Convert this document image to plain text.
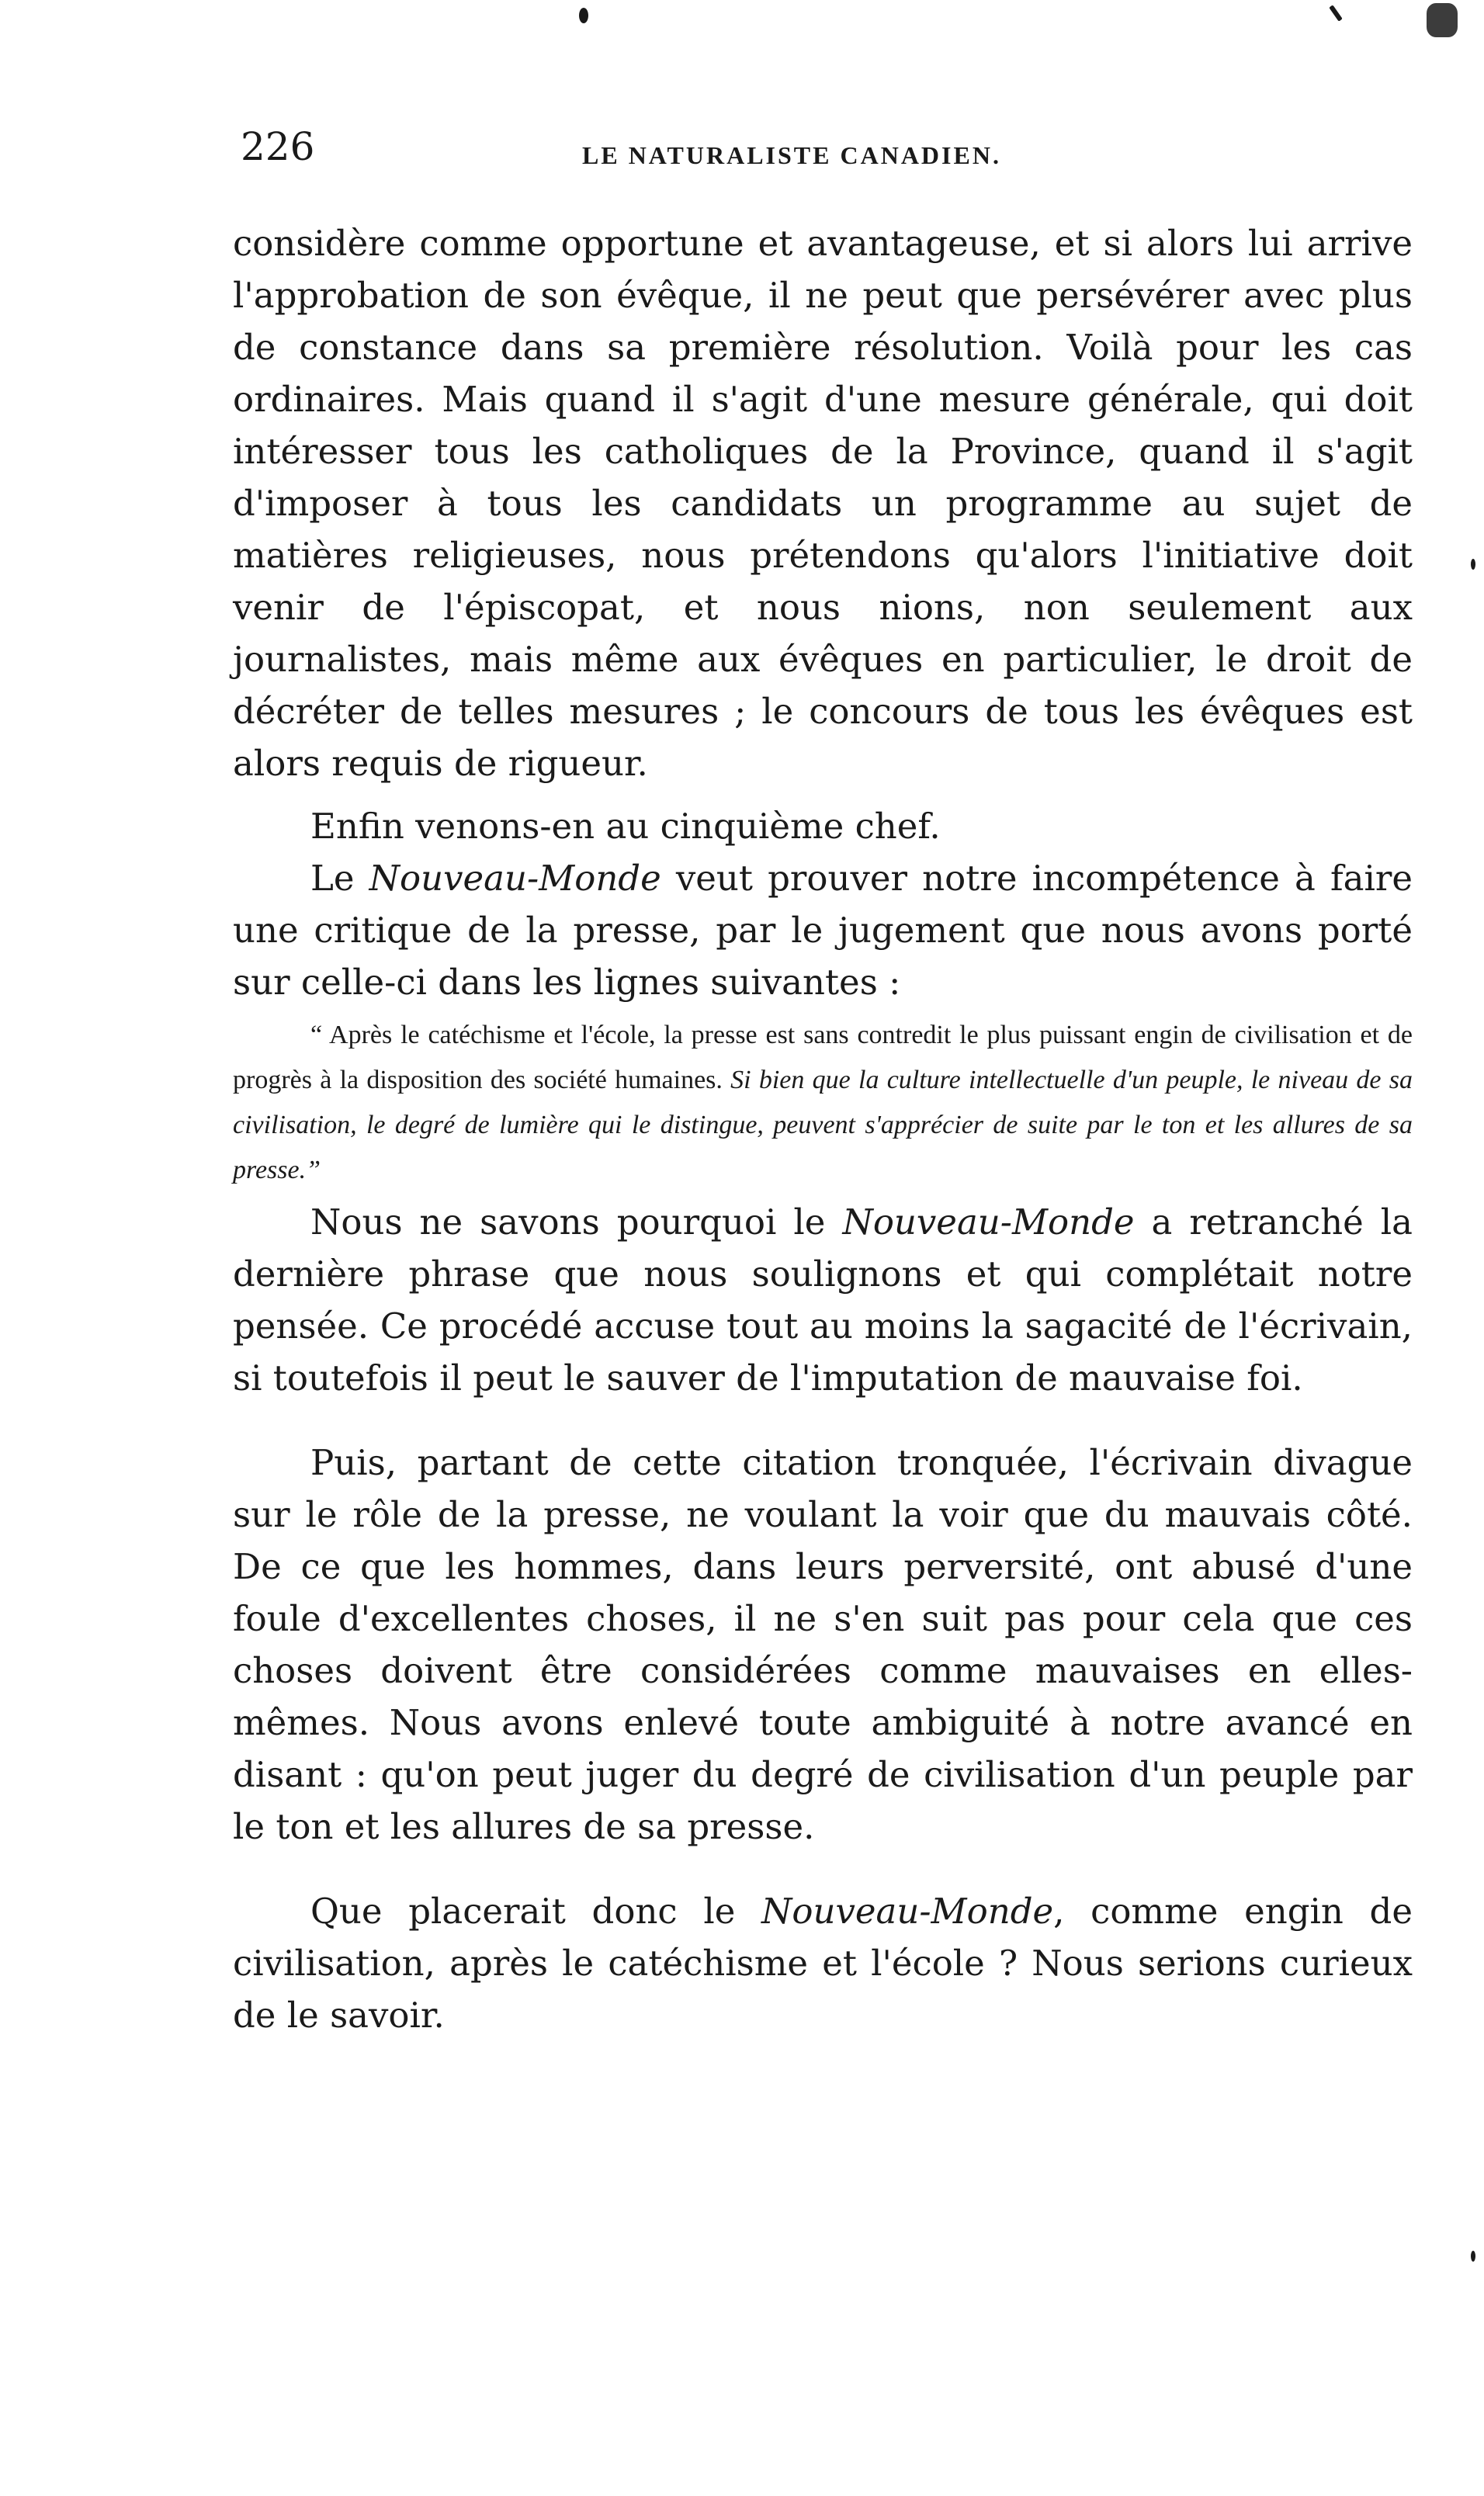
226	LE NATURALISTE CANADIEN.

considère comme opportune et avantageuse, et si alors lui arrive l'approbation de son évêque, il ne peut que persévérer avec plus de constance dans sa première résolution. Voilà pour les cas ordinaires. Mais quand il s'agit d'une mesure générale, qui doit intéresser tous les catholiques de la Province, quand il s'agit d'imposer à tous les candidats un programme au sujet de matières religieuses, nous prétendons qu'alors l'initiative doit venir de l'épiscopat, et nous nions, non seulement aux journalistes, mais même aux évêques en particulier, le droit de décréter de telles mesures ; le concours de tous les évêques est alors requis de rigueur.

Enfin venons-en au cinquième chef.

Le Nouveau-Monde veut prouver notre incompétence à faire une critique de la presse, par le jugement que nous avons porté sur celle-ci dans les lignes suivantes :

“ Après le catéchisme et l'école, la presse est sans contredit le plus puissant engin de civilisation et de progrès à la disposition des société humaines. Si bien que la culture intellectuelle d'un peuple, le niveau de sa civilisation, le degré de lumière qui le distingue, peuvent s'apprécier de suite par le ton et les allures de sa presse.”

Nous ne savons pourquoi le Nouveau-Monde a retranché la dernière phrase que nous soulignons et qui complétait notre pensée. Ce procédé accuse tout au moins la sagacité de l'écrivain, si toutefois il peut le sauver de l'imputation de mauvaise foi.

Puis, partant de cette citation tronquée, l'écrivain divague sur le rôle de la presse, ne voulant la voir que du mauvais côté. De ce que les hommes, dans leurs perversité, ont abusé d'une foule d'excellentes choses, il ne s'en suit pas pour cela que ces choses doivent être considérées comme mauvaises en elles-mêmes. Nous avons enlevé toute ambiguité à notre avancé en disant : qu'on peut juger du degré de civilisation d'un peuple par le ton et les allures de sa presse.

Que placerait donc le Nouveau-Monde, comme engin de civilisation, après le catéchisme et l'école ? Nous serions curieux de le savoir.
